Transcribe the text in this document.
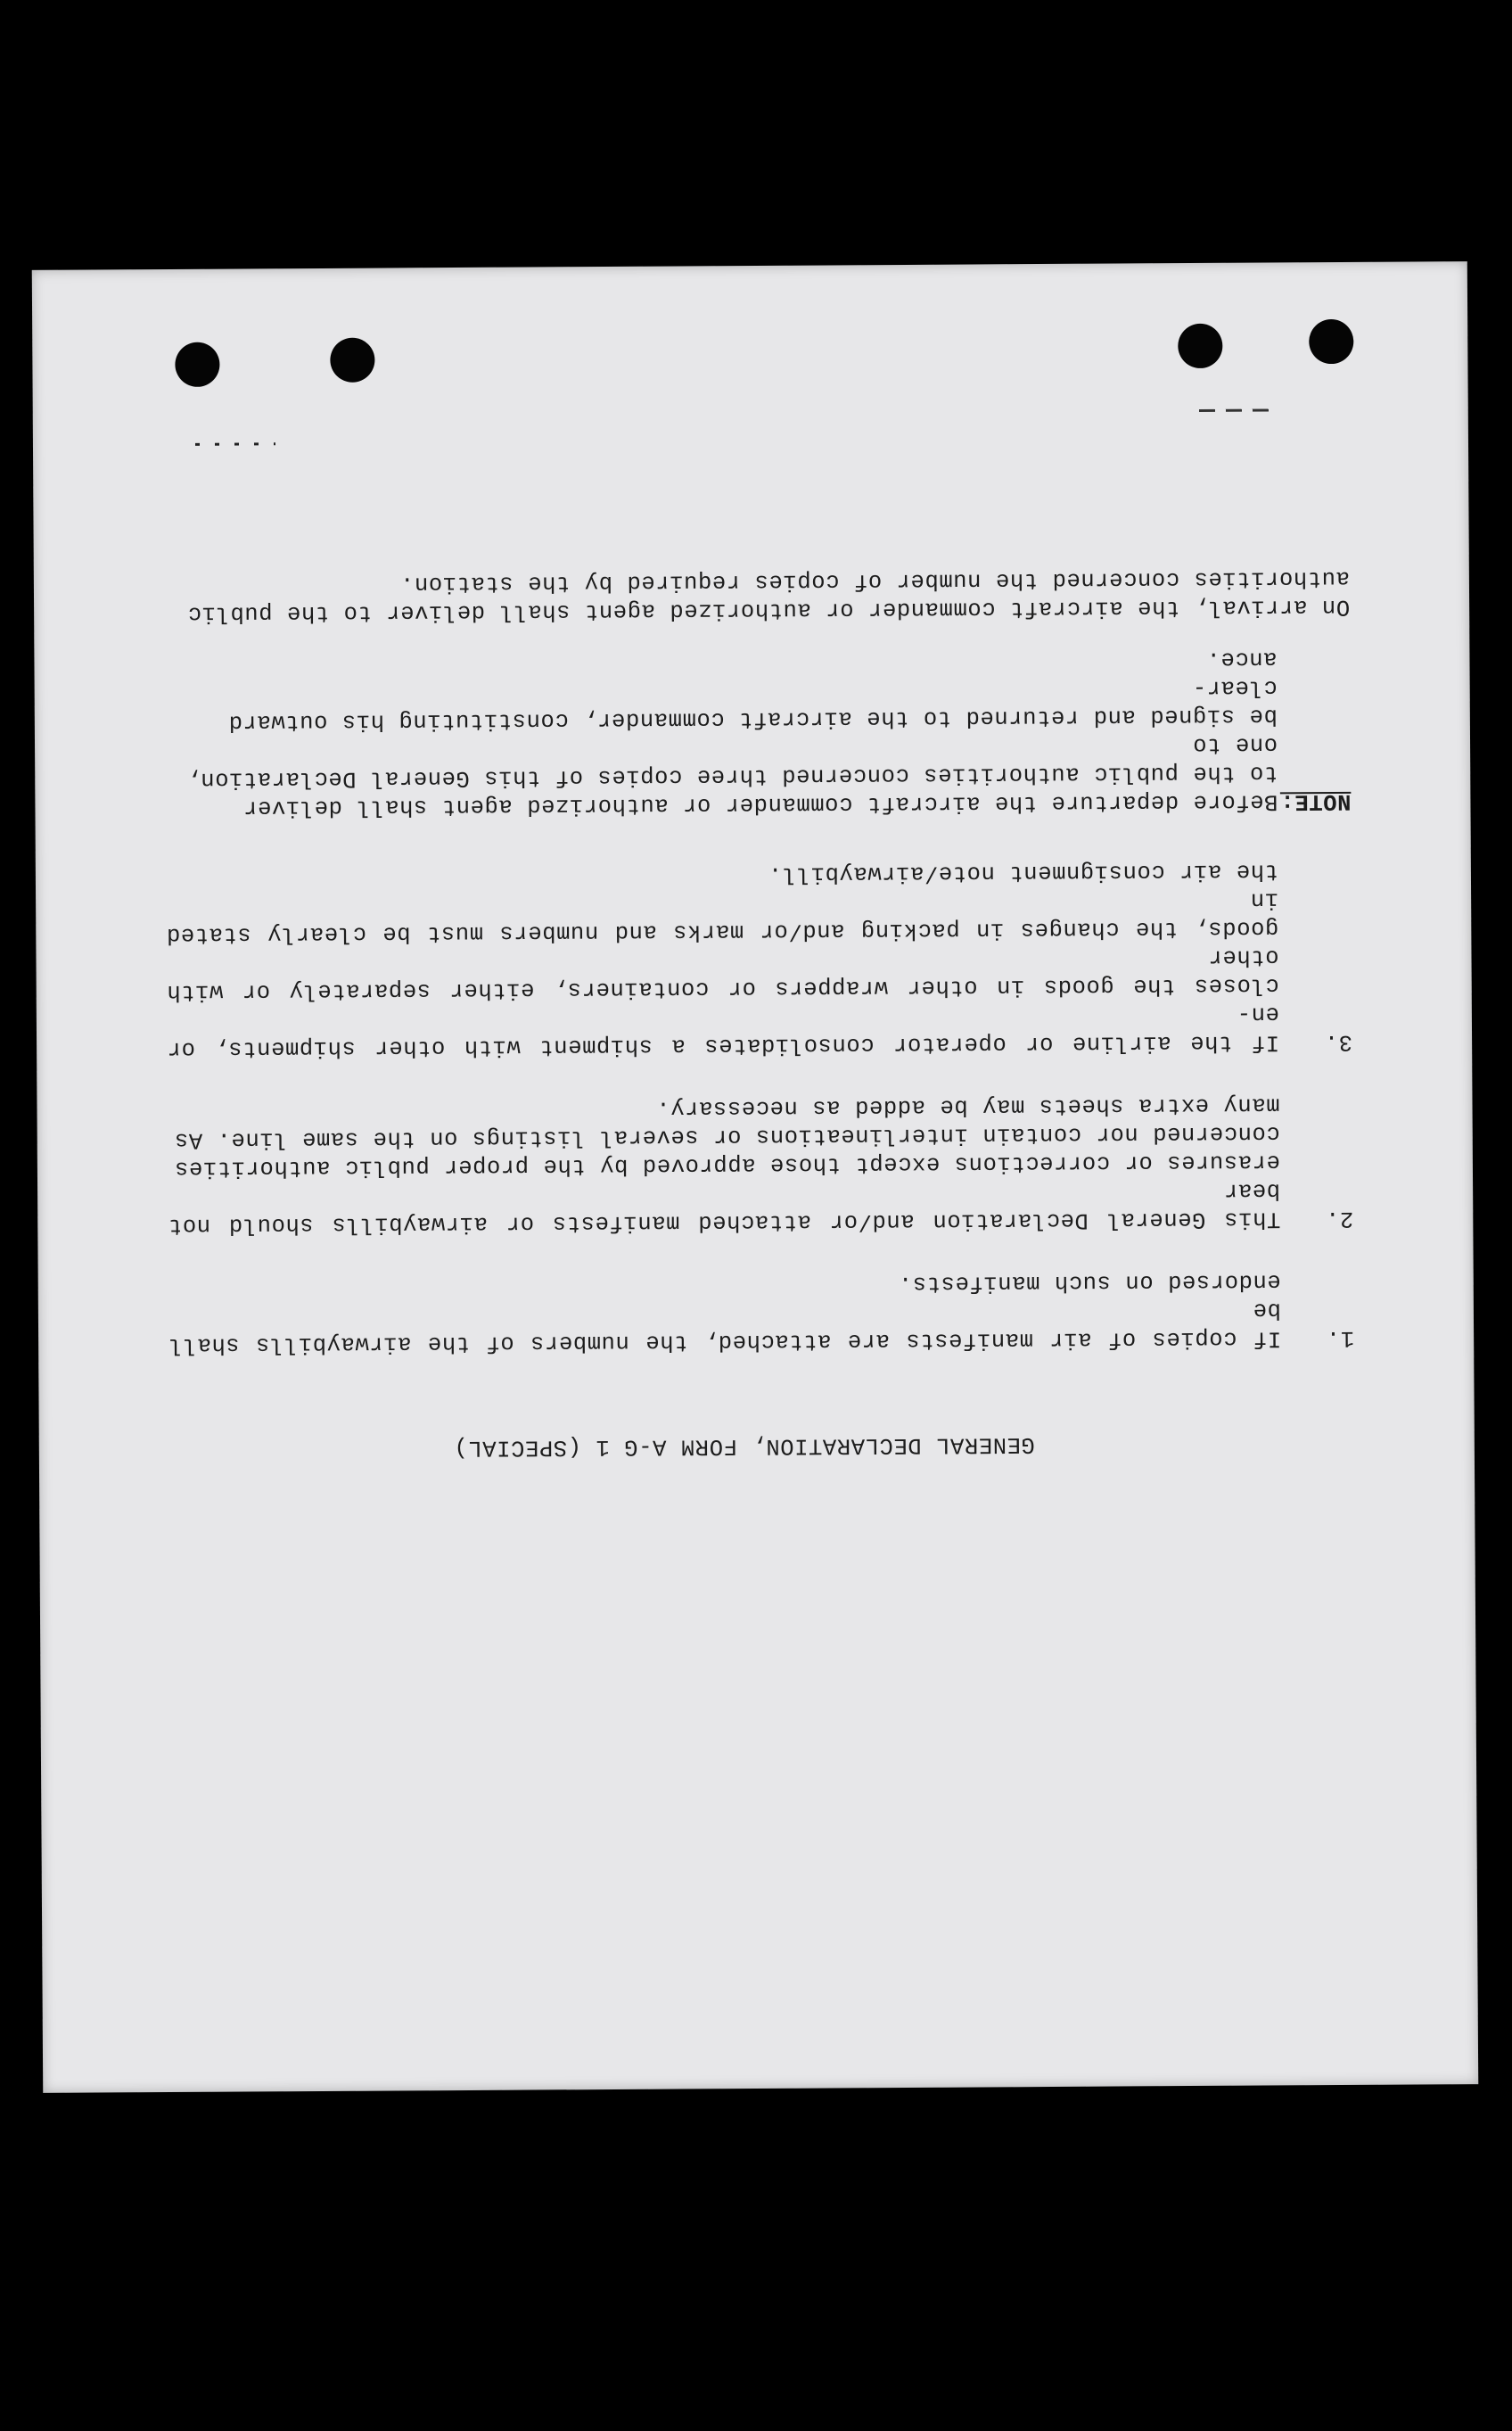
GENERAL DECLARATION, FORM A-G 1 (SPECIAL)
1.
If copies of air manifests are attached, the numbers of the airwaybills shall be
endorsed on such manifests.
2.
This General Declaration and/or attached manifests or airwaybills should not bear
erasures or corrections except those approved by the proper public authorities
concerned nor contain interlineations or several listings on the same line. As
many extra sheets may be added as necessary.
3.
If the airline or operator consolidates a shipment with other shipments, or en-
closes the goods in other wrappers or containers, either separately or with other
goods, the changes in packing and/or marks and numbers must be clearly stated in
the air consignment note/airwaybill.
NOTE:
Before departure the aircraft commander or authorized agent shall deliver
to the public authorities concerned three copies of this General Declaration, one to
be signed and returned to the aircraft commander, constituting his outward clear-
ance.
On arrival, the aircraft commander or authorized agent shall deliver to the public
authorities concerned the number of copies required by the station.
